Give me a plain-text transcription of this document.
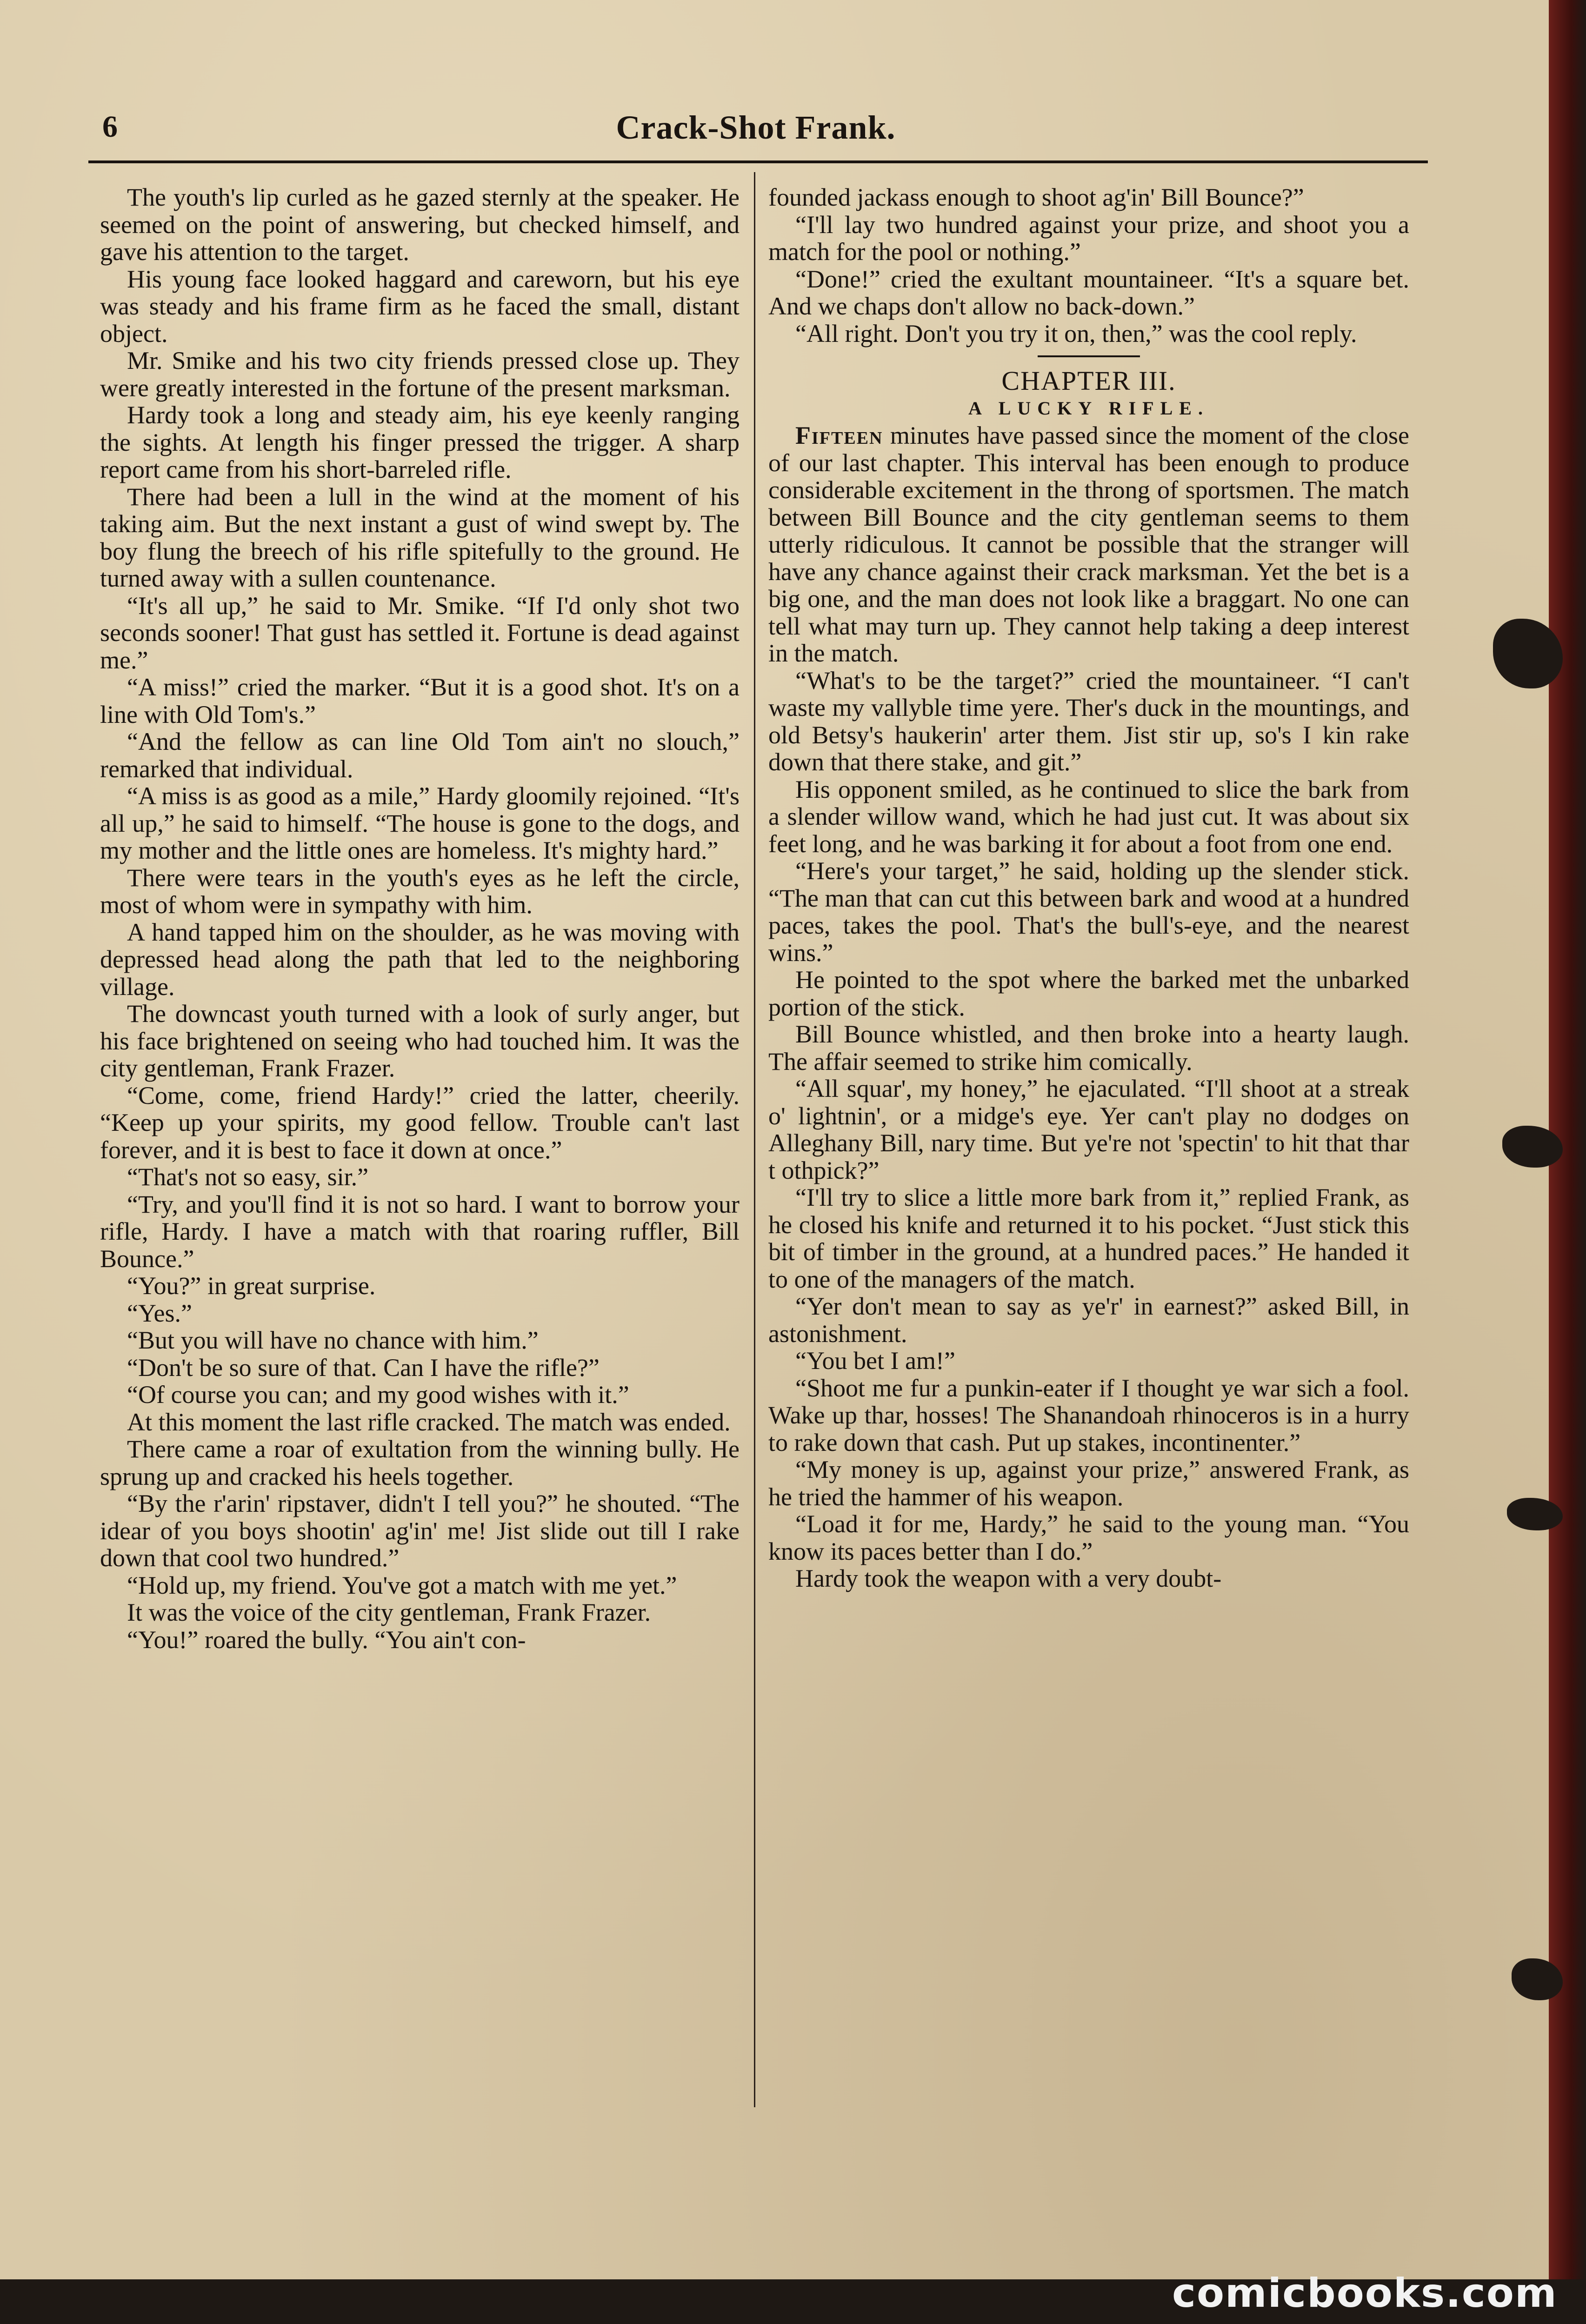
6	Crack-Shot Frank.

The youth's lip curled as he gazed sternly at the speaker. He seemed on the point of answering, but checked himself, and gave his attention to the target.

His young face looked haggard and careworn, but his eye was steady and his frame firm as he faced the small, distant object.

Mr. Smike and his two city friends pressed close up. They were greatly interested in the fortune of the present marksman.

Hardy took a long and steady aim, his eye keenly ranging the sights. At length his finger pressed the trigger. A sharp report came from his short-barreled rifle.

There had been a lull in the wind at the moment of his taking aim. But the next instant a gust of wind swept by. The boy flung the breech of his rifle spitefully to the ground. He turned away with a sullen countenance.

“It's all up,” he said to Mr. Smike. “If I'd only shot two seconds sooner! That gust has settled it. Fortune is dead against me.”

“A miss!” cried the marker. “But it is a good shot. It's on a line with Old Tom's.”

“And the fellow as can line Old Tom ain't no slouch,” remarked that individual.

“A miss is as good as a mile,” Hardy gloomily rejoined. “It's all up,” he said to himself. “The house is gone to the dogs, and my mother and the little ones are homeless. It's mighty hard.”

There were tears in the youth's eyes as he left the circle, most of whom were in sympathy with him.

A hand tapped him on the shoulder, as he was moving with depressed head along the path that led to the neighboring village.

The downcast youth turned with a look of surly anger, but his face brightened on seeing who had touched him. It was the city gentleman, Frank Frazer.

“Come, come, friend Hardy!” cried the latter, cheerily. “Keep up your spirits, my good fellow. Trouble can't last forever, and it is best to face it down at once.”

“That's not so easy, sir.”

“Try, and you'll find it is not so hard. I want to borrow your rifle, Hardy. I have a match with that roaring ruffler, Bill Bounce.”

“You?” in great surprise.

“Yes.”

“But you will have no chance with him.”

“Don't be so sure of that. Can I have the rifle?”

“Of course you can; and my good wishes with it.”

At this moment the last rifle cracked. The match was ended.

There came a roar of exultation from the winning bully. He sprung up and cracked his heels together.

“By the r'arin' ripstaver, didn't I tell you?” he shouted. “The idear of you boys shootin' ag'in' me! Jist slide out till I rake down that cool two hundred.”

“Hold up, my friend. You've got a match with me yet.”

It was the voice of the city gentleman, Frank Frazer.

“You!” roared the bully. “You ain't con-

founded jackass enough to shoot ag'in' Bill Bounce?”

“I'll lay two hundred against your prize, and shoot you a match for the pool or nothing.”

“Done!” cried the exultant mountaineer. “It's a square bet. And we chaps don't allow no back-down.”

“All right. Don't you try it on, then,” was the cool reply.

CHAPTER III.

A LUCKY RIFLE.

Fifteen minutes have passed since the moment of the close of our last chapter. This interval has been enough to produce considerable excitement in the throng of sportsmen. The match between Bill Bounce and the city gentleman seems to them utterly ridiculous. It cannot be possible that the stranger will have any chance against their crack marksman. Yet the bet is a big one, and the man does not look like a braggart. No one can tell what may turn up. They cannot help taking a deep interest in the match.

“What's to be the target?” cried the mountaineer. “I can't waste my vallyble time yere. Ther's duck in the mountings, and old Betsy's haukerin' arter them. Jist stir up, so's I kin rake down that there stake, and git.”

His opponent smiled, as he continued to slice the bark from a slender willow wand, which he had just cut. It was about six feet long, and he was barking it for about a foot from one end.

“Here's your target,” he said, holding up the slender stick. “The man that can cut this between bark and wood at a hundred paces, takes the pool. That's the bull's-eye, and the nearest wins.”

He pointed to the spot where the barked met the unbarked portion of the stick.

Bill Bounce whistled, and then broke into a hearty laugh. The affair seemed to strike him comically.

“All squar', my honey,” he ejaculated. “I'll shoot at a streak o' lightnin', or a midge's eye. Yer can't play no dodges on Alleghany Bill, nary time. But ye're not 'spectin' to hit that thar t othpick?”

“I'll try to slice a little more bark from it,” replied Frank, as he closed his knife and returned it to his pocket. “Just stick this bit of timber in the ground, at a hundred paces.” He handed it to one of the managers of the match.

“Yer don't mean to say as ye'r' in earnest?” asked Bill, in astonishment.

“You bet I am!”

“Shoot me fur a punkin-eater if I thought ye war sich a fool. Wake up thar, hosses! The Shanandoah rhinoceros is in a hurry to rake down that cash. Put up stakes, incontinenter.”

“My money is up, against your prize,” answered Frank, as he tried the hammer of his weapon.

“Load it for me, Hardy,” he said to the young man. “You know its paces better than I do.”

Hardy took the weapon with a very doubt-

comicbooks.com
